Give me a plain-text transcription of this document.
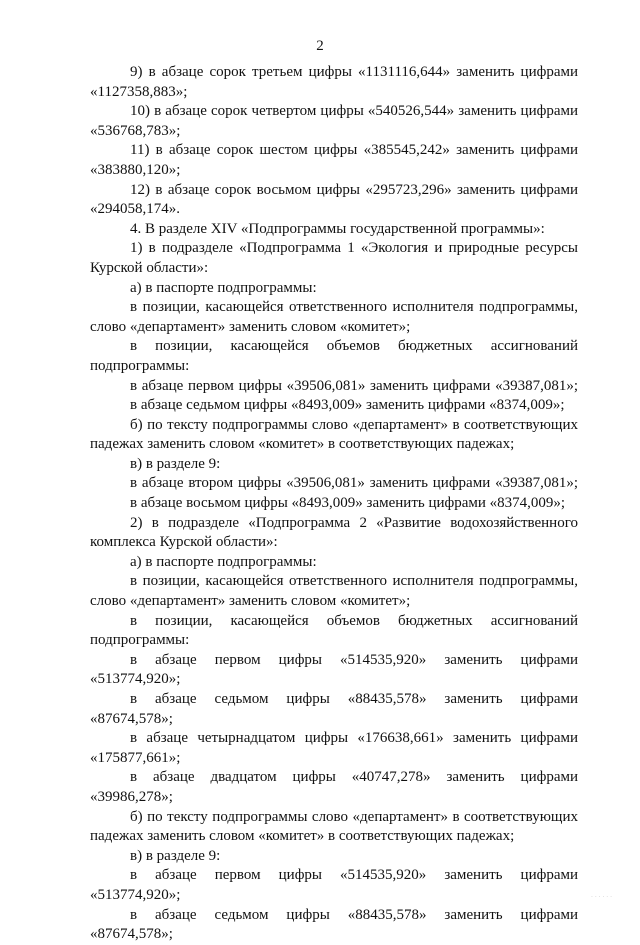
2
9) в абзаце сорок третьем цифры «1131116,644» заменить цифрами
«1127358,883»;
10) в абзаце сорок четвертом цифры «540526,544» заменить цифрами
«536768,783»;
11) в абзаце сорок шестом цифры «385545,242» заменить цифрами
«383880,120»;
12) в абзаце сорок восьмом цифры «295723,296» заменить цифрами
«294058,174».
4. В разделе XIV «Подпрограммы государственной программы»:
1) в подразделе «Подпрограмма 1 «Экология и природные ресурсы
Курской области»:
а) в паспорте подпрограммы:
в позиции, касающейся ответственного исполнителя подпрограммы,
слово «департамент» заменить словом «комитет»;
в позиции, касающейся объемов бюджетных ассигнований
подпрограммы:
в абзаце первом цифры «39506,081» заменить цифрами «39387,081»;
в абзаце седьмом цифры «8493,009» заменить цифрами «8374,009»;
б) по тексту подпрограммы слово «департамент» в соответствующих
падежах заменить словом «комитет» в соответствующих падежах;
в) в разделе 9:
в абзаце втором цифры «39506,081» заменить цифрами «39387,081»;
в абзаце восьмом цифры «8493,009» заменить цифрами «8374,009»;
2) в подразделе «Подпрограмма 2 «Развитие водохозяйственного
комплекса Курской области»:
а) в паспорте подпрограммы:
в позиции, касающейся ответственного исполнителя подпрограммы,
слово «департамент» заменить словом «комитет»;
в позиции, касающейся объемов бюджетных ассигнований
подпрограммы:
в абзаце первом цифры «514535,920» заменить цифрами
«513774,920»;
в абзаце седьмом цифры «88435,578» заменить цифрами
«87674,578»;
в абзаце четырнадцатом цифры «176638,661» заменить цифрами
«175877,661»;
в абзаце двадцатом цифры «40747,278» заменить цифрами
«39986,278»;
б) по тексту подпрограммы слово «департамент» в соответствующих
падежах заменить словом «комитет» в соответствующих падежах;
в) в разделе 9:
в абзаце первом цифры «514535,920» заменить цифрами
«513774,920»;
в абзаце седьмом цифры «88435,578» заменить цифрами
«87674,578»;
· · · · · ·
